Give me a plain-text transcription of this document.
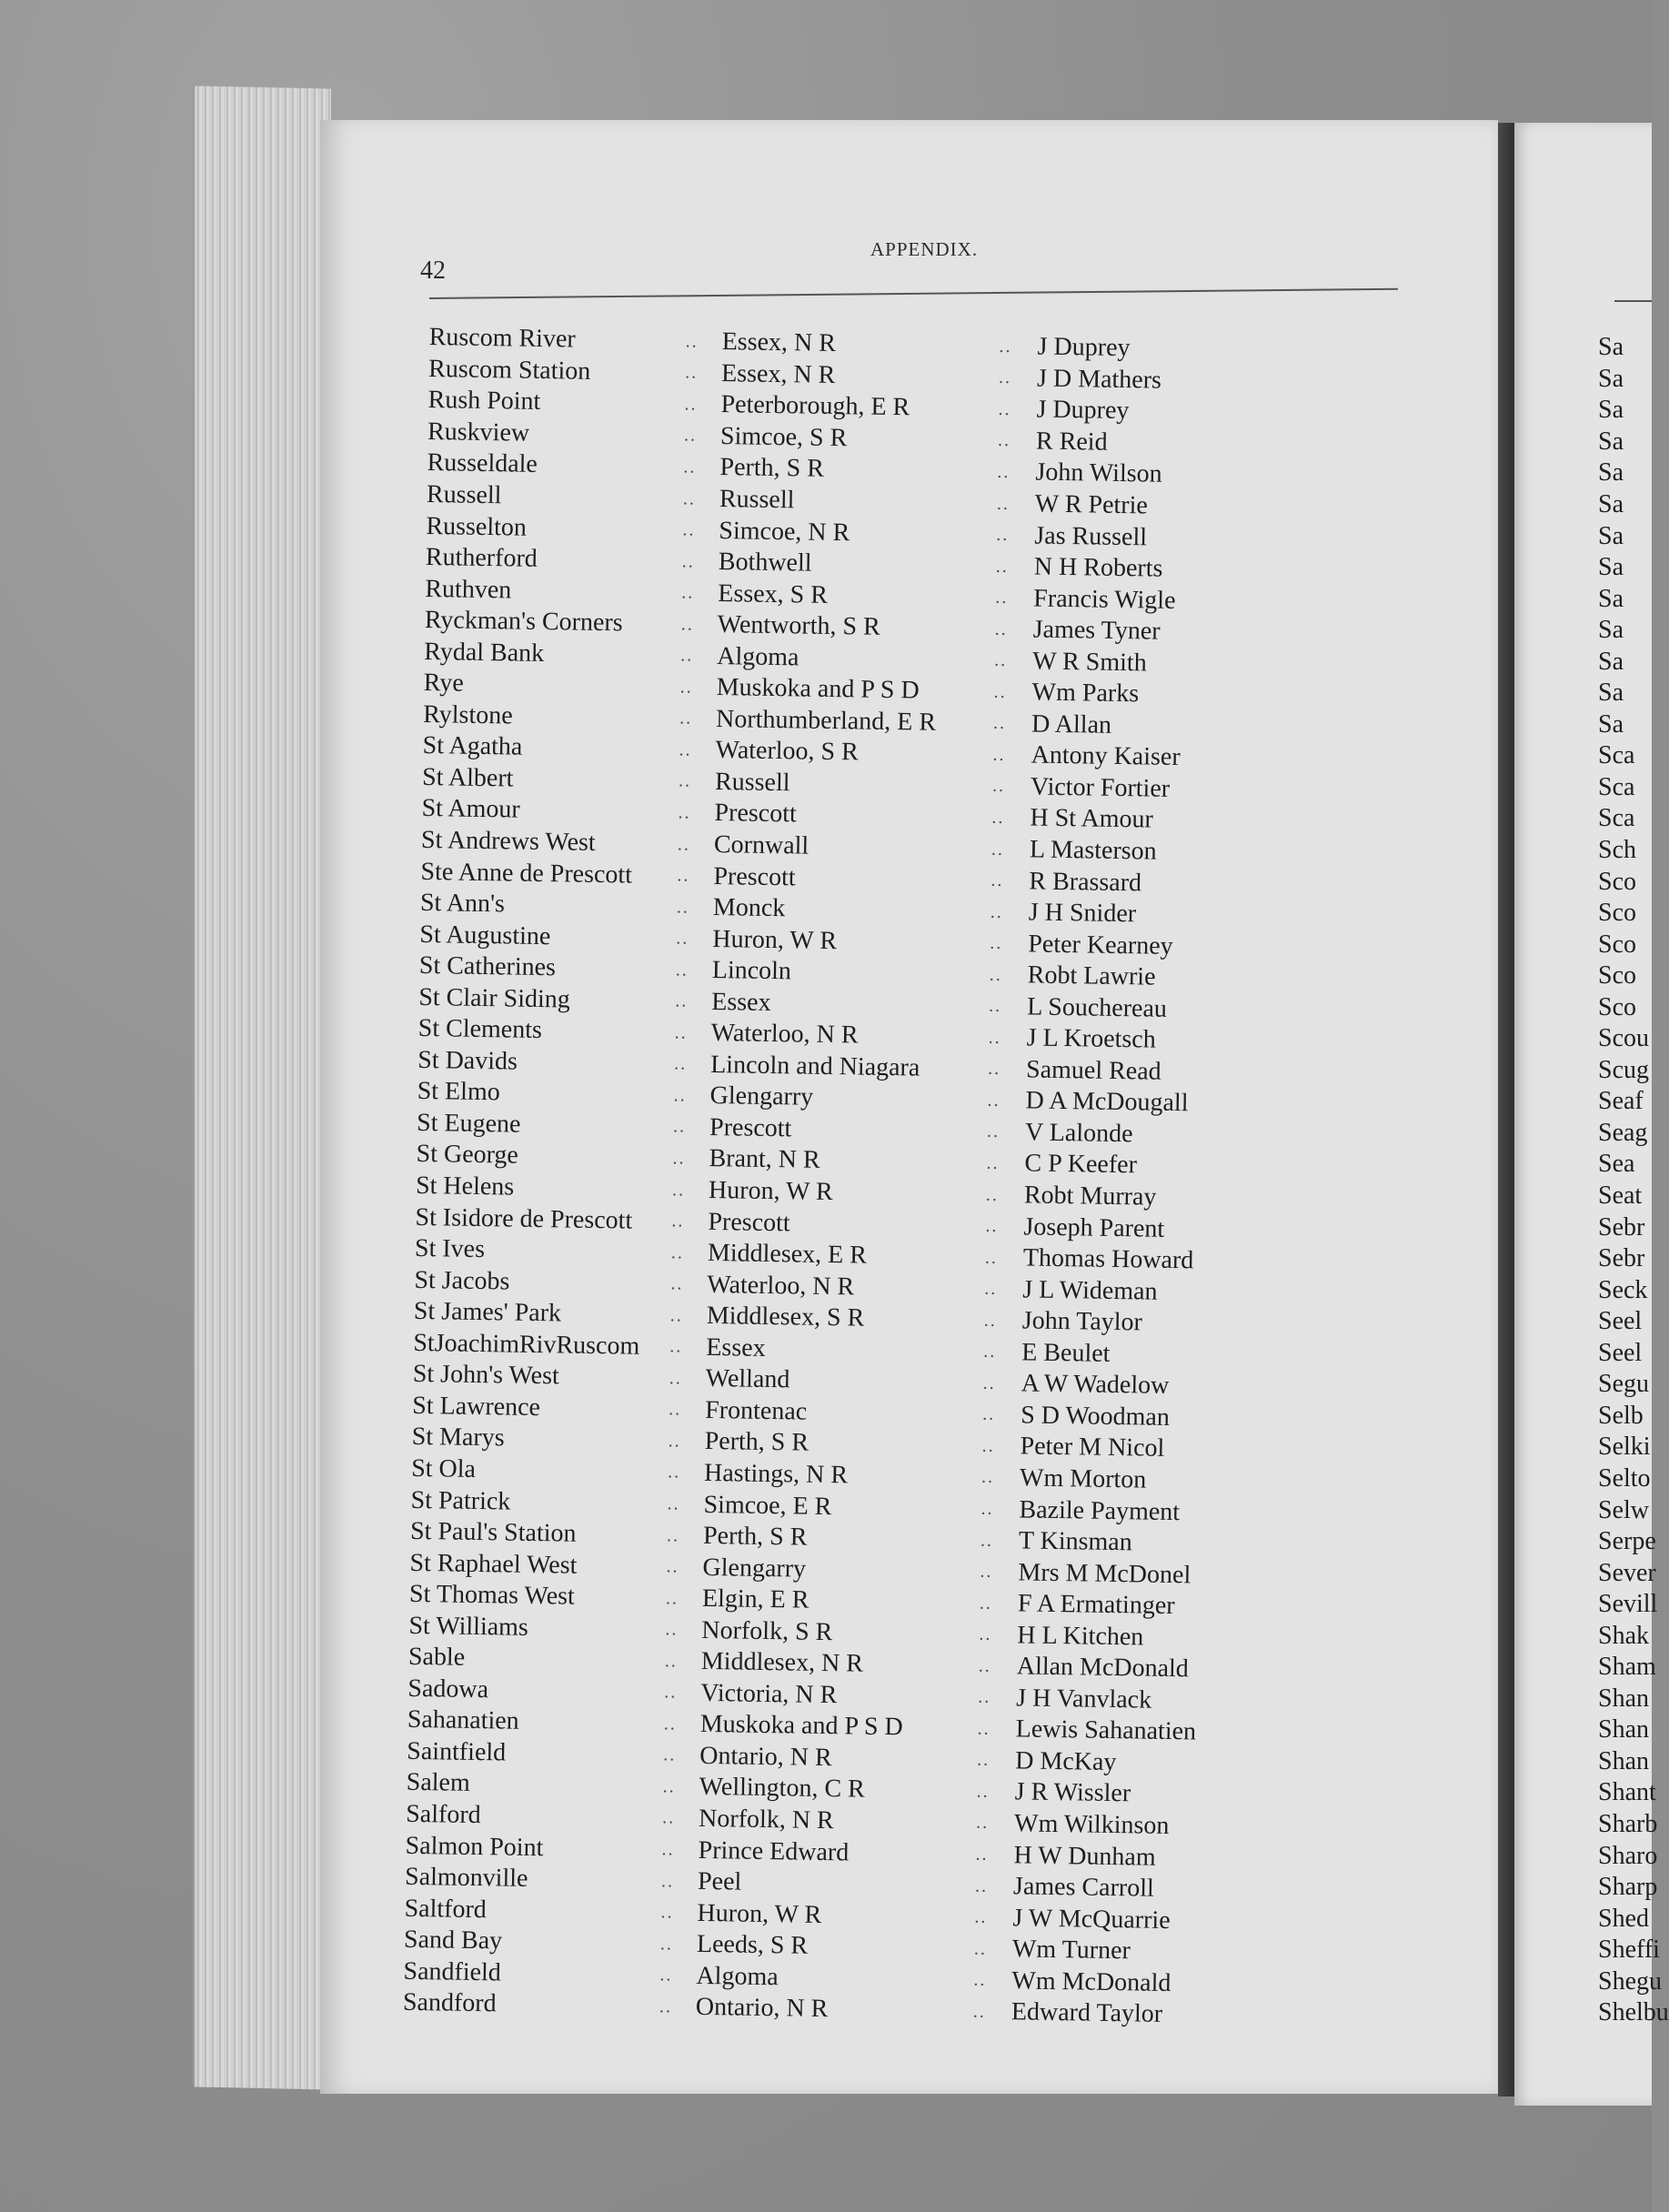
42
APPENDIX.
Ruscom River	.. Essex, N R	.. J Duprey
Ruscom Station	.. Essex, N R	.. J D Mathers
Rush Point	.. Peterborough, E R	.. J Duprey
Ruskview	.. Simcoe, S R	.. R Reid
Russeldale	.. Perth, S R	.. John Wilson
Russell	.. Russell	.. W R Petrie
Russelton	.. Simcoe, N R	.. Jas Russell
Rutherford	.. Bothwell	.. N H Roberts
Ruthven	.. Essex, S R	.. Francis Wigle
Ryckman's Corners	.. Wentworth, S R	.. James Tyner
Rydal Bank	.. Algoma	.. W R Smith
Rye	.. Muskoka and P S D	.. Wm Parks
Rylstone	.. Northumberland, E R	.. D Allan
St Agatha	.. Waterloo, S R	.. Antony Kaiser
St Albert	.. Russell	.. Victor Fortier
St Amour	.. Prescott	.. H St Amour
St Andrews West	.. Cornwall	.. L Masterson
Ste Anne de Prescott	.. Prescott	.. R Brassard
St Ann's	.. Monck	.. J H Snider
St Augustine	.. Huron, W R	.. Peter Kearney
St Catherines	.. Lincoln	.. Robt Lawrie
St Clair Siding	.. Essex	.. L Souchereau
St Clements	.. Waterloo, N R	.. J L Kroetsch
St Davids	.. Lincoln and Niagara	.. Samuel Read
St Elmo	.. Glengarry	.. D A McDougall
St Eugene	.. Prescott	.. V Lalonde
St George	.. Brant, N R	.. C P Keefer
St Helens	.. Huron, W R	.. Robt Murray
St Isidore de Prescott	.. Prescott	.. Joseph Parent
St Ives	.. Middlesex, E R	.. Thomas Howard
St Jacobs	.. Waterloo, N R	.. J L Wideman
St James' Park	.. Middlesex, S R	.. John Taylor
StJoachimRivRuscom	.. Essex	.. E Beulet
St John's West	.. Welland	.. A W Wadelow
St Lawrence	.. Frontenac	.. S D Woodman
St Marys	.. Perth, S R	.. Peter M Nicol
St Ola	.. Hastings, N R	.. Wm Morton
St Patrick	.. Simcoe, E R	.. Bazile Payment
St Paul's Station	.. Perth, S R	.. T Kinsman
St Raphael West	.. Glengarry	.. Mrs M McDonel
St Thomas West	.. Elgin, E R	.. F A Ermatinger
St Williams	.. Norfolk, S R	.. H L Kitchen
Sable	.. Middlesex, N R	.. Allan McDonald
Sadowa	.. Victoria, N R	.. J H Vanvlack
Sahanatien	.. Muskoka and P S D	.. Lewis Sahanatien
Saintfield	.. Ontario, N R	.. D McKay
Salem	.. Wellington, C R	.. J R Wissler
Salford	.. Norfolk, N R	.. Wm Wilkinson
Salmon Point	.. Prince Edward	.. H W Dunham
Salmonville	.. Peel	.. James Carroll
Saltford	.. Huron, W R	.. J W McQuarrie
Sand Bay	.. Leeds, S R	.. Wm Turner
Sandfield	.. Algoma	.. Wm McDonald
Sandford	.. Ontario, N R	.. Edward Taylor
Sa
Sa
Sa
Sa
Sa
Sa
Sa
Sa
Sa
Sa
Sa
Sa
Sa
Sca
Sca
Sca
Sch
Sco
Sco
Sco
Sco
Sco
Scou
Scug
Seaf
Seag
Sea
Seat
Sebr
Sebr
Seck
Seel
Seel
Segu
Selb
Selki
Selto
Selw
Serpe
Sever
Sevill
Shak
Sham
Shan
Shan
Shan
Shant
Sharb
Sharo
Sharp
Shed
Sheffi
Shegu
Shelbu
